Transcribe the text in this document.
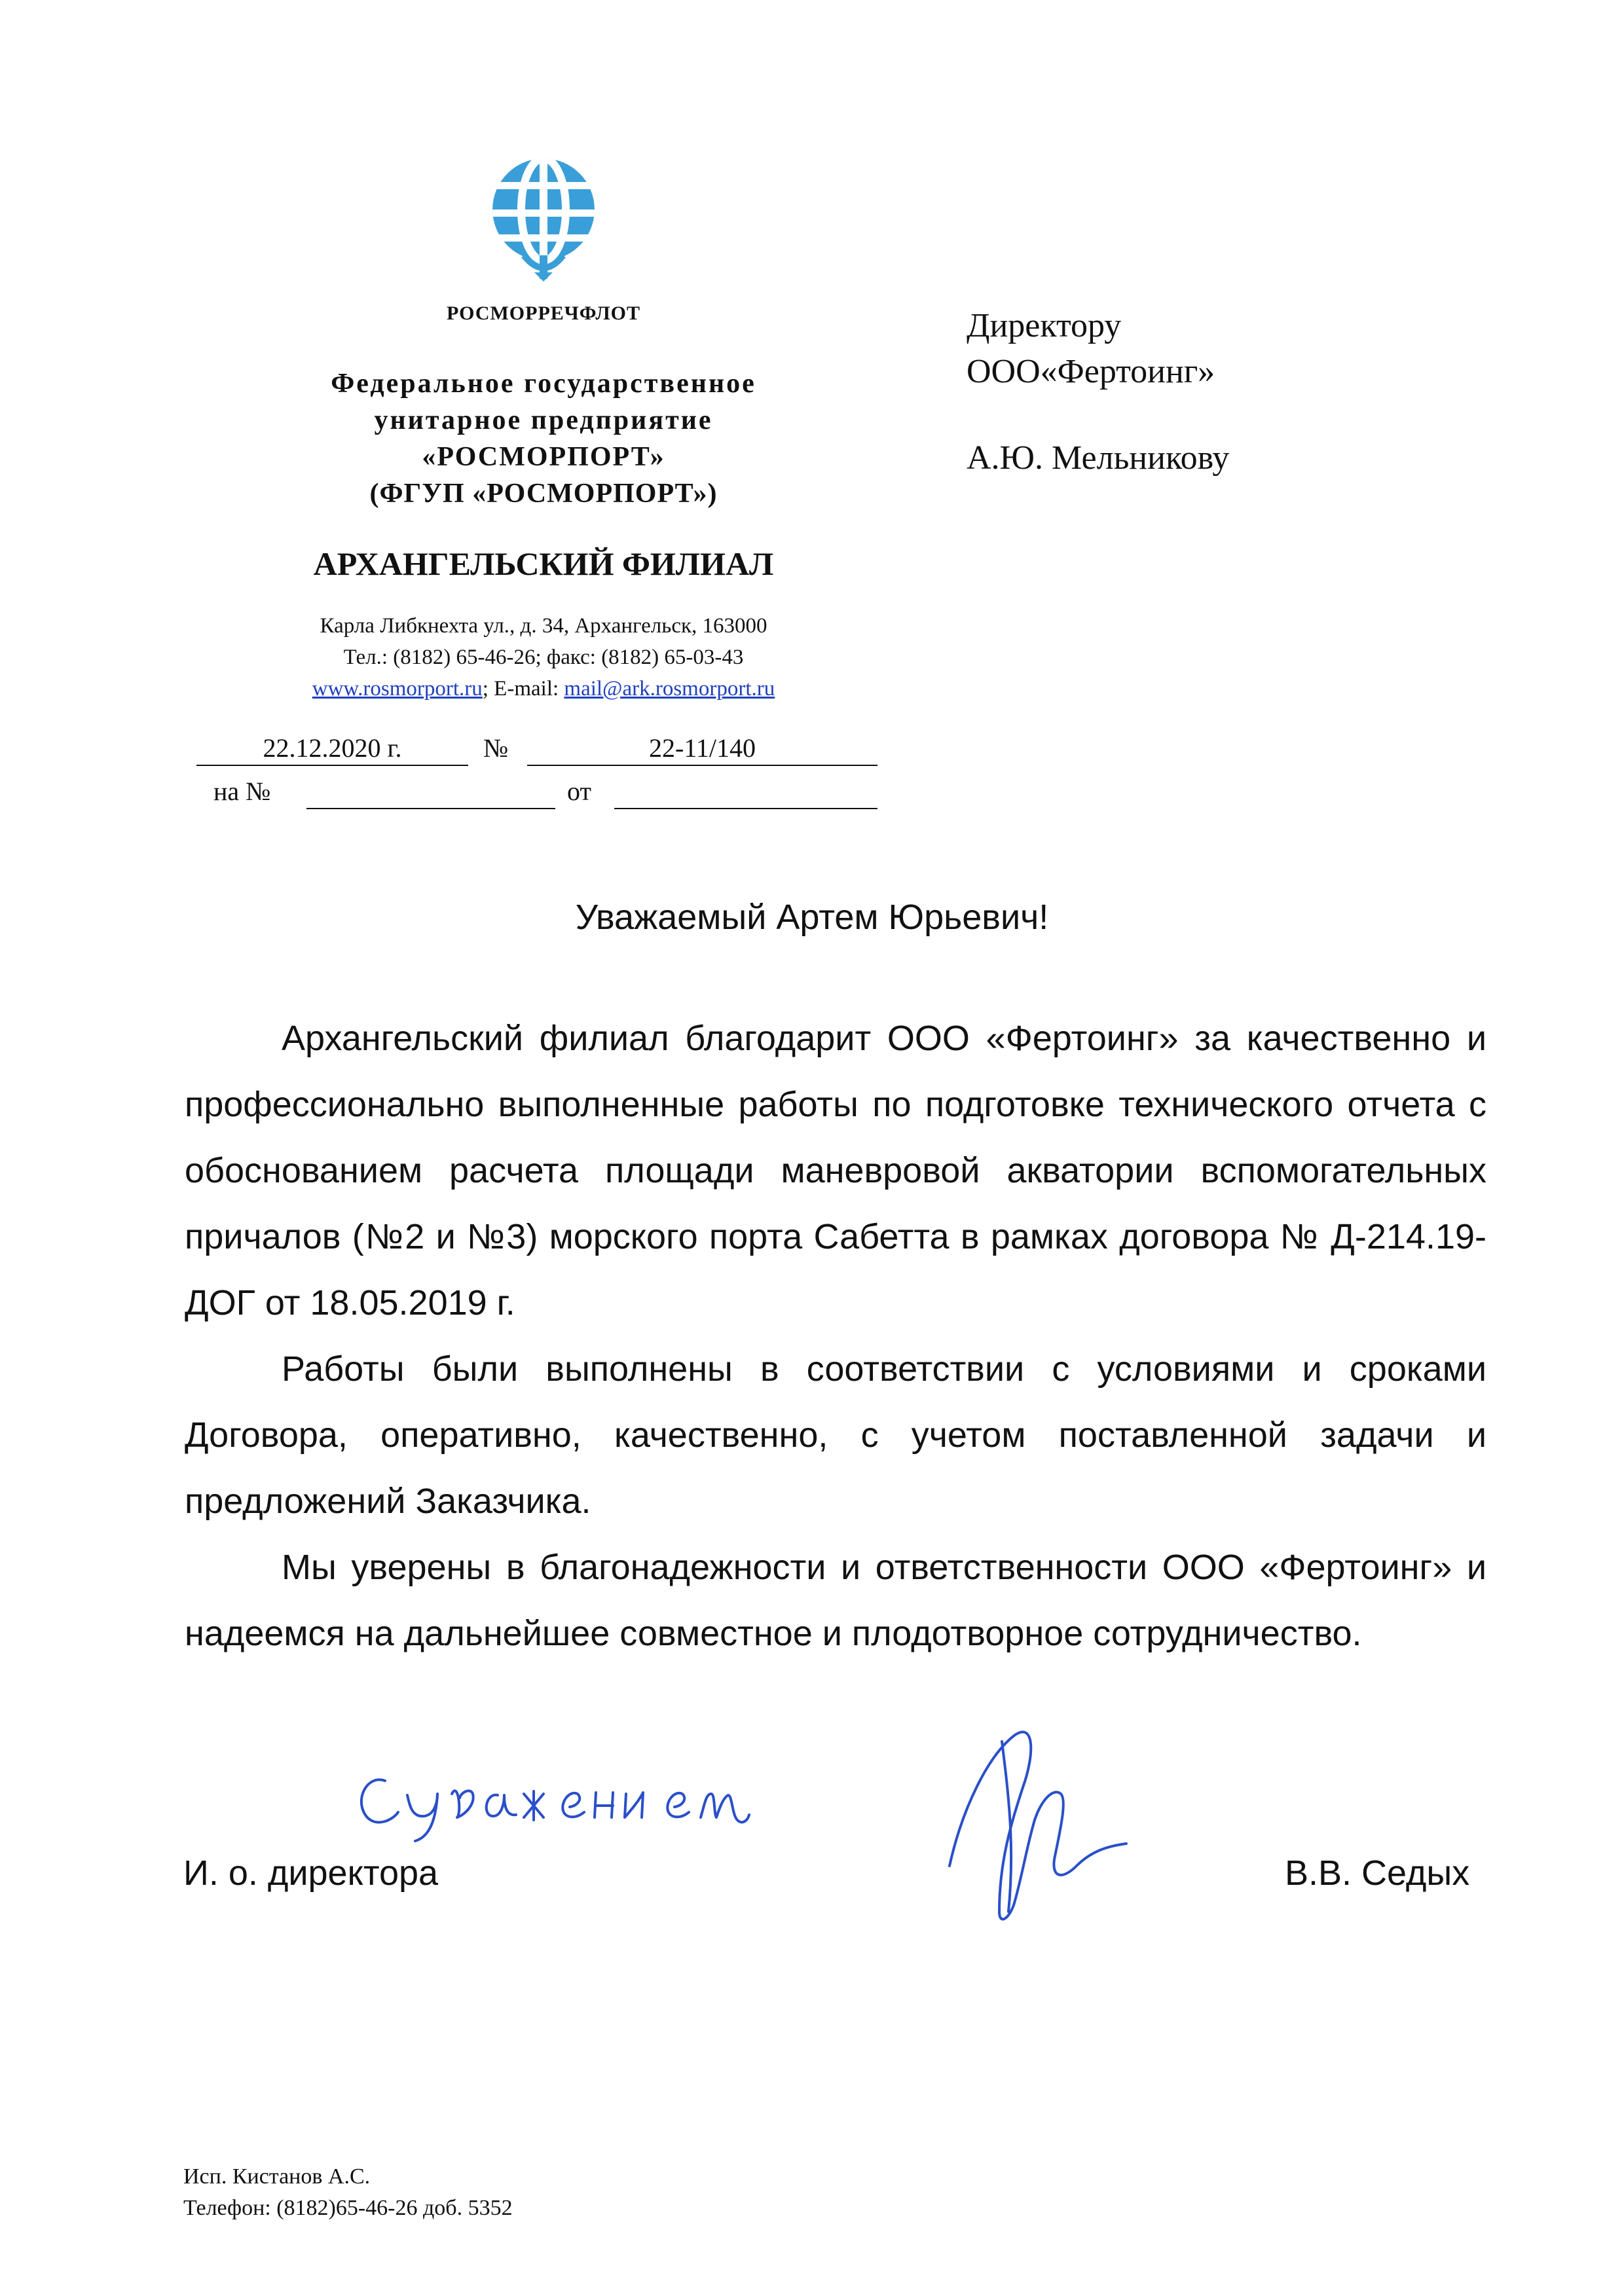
РОСМОРРЕЧФЛОТ
Федеральное государственное
унитарное предприятие
«РОСМОРПОРТ»
(ФГУП «РОСМОРПОРТ»)
АРХАНГЕЛЬСКИЙ ФИЛИАЛ
Карла Либкнехта ул., д. 34, Архангельск, 163000
Тел.: (8182) 65-46-26; факс: (8182) 65-03-43
www.rosmorport.ru; E-mail: mail@ark.rosmorport.ru
22.12.2020 г.	№	22-11/140
на №	от
Директору
ООО«Фертоинг»
А.Ю. Мельникову
Уважаемый Артем Юрьевич!

Архангельский филиал благодарит ООО «Фертоинг» за качественно и профессионально выполненные работы по подготовке технического отчета с обоснованием расчета площади маневровой акватории вспомогательных причалов (№2 и №3) морского порта Сабетта в рамках договора № Д-214.19-ДОГ от 18.05.2019 г.

Работы были выполнены в соответствии с условиями и сроками Договора, оперативно, качественно, с учетом поставленной задачи и предложений Заказчика.

Мы уверены в благонадежности и ответственности ООО «Фертоинг» и надеемся на дальнейшее совместное и плодотворное сотрудничество.

И. о. директора	В.В. Седых
Исп. Кистанов А.С.
Телефон: (8182)65-46-26 доб. 5352
